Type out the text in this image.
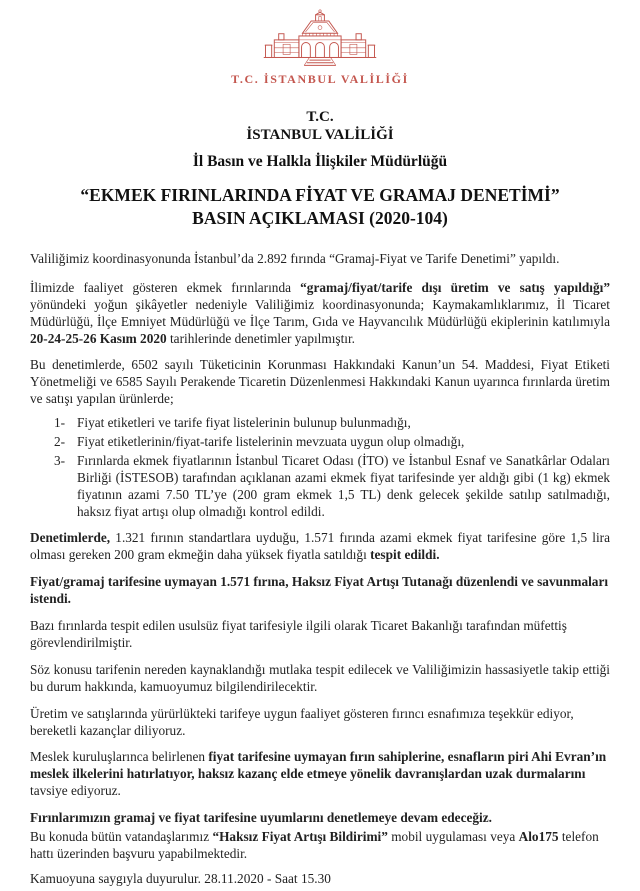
T.C. İSTANBUL VALİLİĞİ
T.C.
İSTANBUL VALİLİĞİ
İl Basın ve Halkla İlişkiler Müdürlüğü
“EKMEK FIRINLARINDA FİYAT VE GRAMAJ DENETİMİ”
BASIN AÇIKLAMASI (2020-104)

Valiliğimiz koordinasyonunda İstanbul’da 2.892 fırında “Gramaj-Fiyat ve Tarife Denetimi” yapıldı.

İlimizde faaliyet gösteren ekmek fırınlarında “gramaj/fiyat/tarife dışı üretim ve satış yapıldığı” yönündeki yoğun şikâyetler nedeniyle Valiliğimiz koordinasyonunda; Kaymakamlıklarımız, İl Ticaret Müdürlüğü, İlçe Emniyet Müdürlüğü ve İlçe Tarım, Gıda ve Hayvancılık Müdürlüğü ekiplerinin katılımıyla 20-24-25-26 Kasım 2020 tarihlerinde denetimler yapılmıştır.

Bu denetimlerde, 6502 sayılı Tüketicinin Korunması Hakkındaki Kanun’un 54. Maddesi, Fiyat Etiketi Yönetmeliği ve 6585 Sayılı Perakende Ticaretin Düzenlenmesi Hakkındaki Kanun uyarınca fırınlarda üretim ve satışı yapılan ürünlerde;

1- Fiyat etiketleri ve tarife fiyat listelerinin bulunup bulunmadığı,

2- Fiyat etiketlerinin/fiyat-tarife listelerinin mevzuata uygun olup olmadığı,

3- Fırınlarda ekmek fiyatlarının İstanbul Ticaret Odası (İTO) ve İstanbul Esnaf ve Sanatkârlar Odaları Birliği (İSTESOB) tarafından açıklanan azami ekmek fiyat tarifesinde yer aldığı gibi (1 kg) ekmek fiyatının azami 7.50 TL’ye (200 gram ekmek 1,5 TL) denk gelecek şekilde satılıp satılmadığı, haksız fiyat artışı olup olmadığı kontrol edildi.

Denetimlerde, 1.321 fırının standartlara uyduğu, 1.571 fırında azami ekmek fiyat tarifesine göre 1,5 lira olması gereken 200 gram ekmeğin daha yüksek fiyatla satıldığı tespit edildi.

Fiyat/gramaj tarifesine uymayan 1.571 fırına, Haksız Fiyat Artışı Tutanağı düzenlendi ve savunmaları istendi.

Bazı fırınlarda tespit edilen usulsüz fiyat tarifesiyle ilgili olarak Ticaret Bakanlığı tarafından müfettiş görevlendirilmiştir.

Söz konusu tarifenin nereden kaynaklandığı mutlaka tespit edilecek ve Valiliğimizin hassasiyetle takip ettiği bu durum hakkında, kamuoyumuz bilgilendirilecektir.

Üretim ve satışlarında yürürlükteki tarifeye uygun faaliyet gösteren fırıncı esnafımıza teşekkür ediyor, bereketli kazançlar diliyoruz.

Meslek kuruluşlarınca belirlenen fiyat tarifesine uymayan fırın sahiplerine, esnafların piri Ahi Evran’ın meslek ilkelerini hatırlatıyor, haksız kazanç elde etmeye yönelik davranışlardan uzak durmalarını tavsiye ediyoruz.

Fırınlarımızın gramaj ve fiyat tarifesine uyumlarını denetlemeye devam edeceğiz.

Bu konuda bütün vatandaşlarımız “Haksız Fiyat Artışı Bildirimi” mobil uygulaması veya Alo175 telefon hattı üzerinden başvuru yapabilmektedir.

Kamuoyuna saygıyla duyurulur. 28.11.2020 - Saat 15.30
